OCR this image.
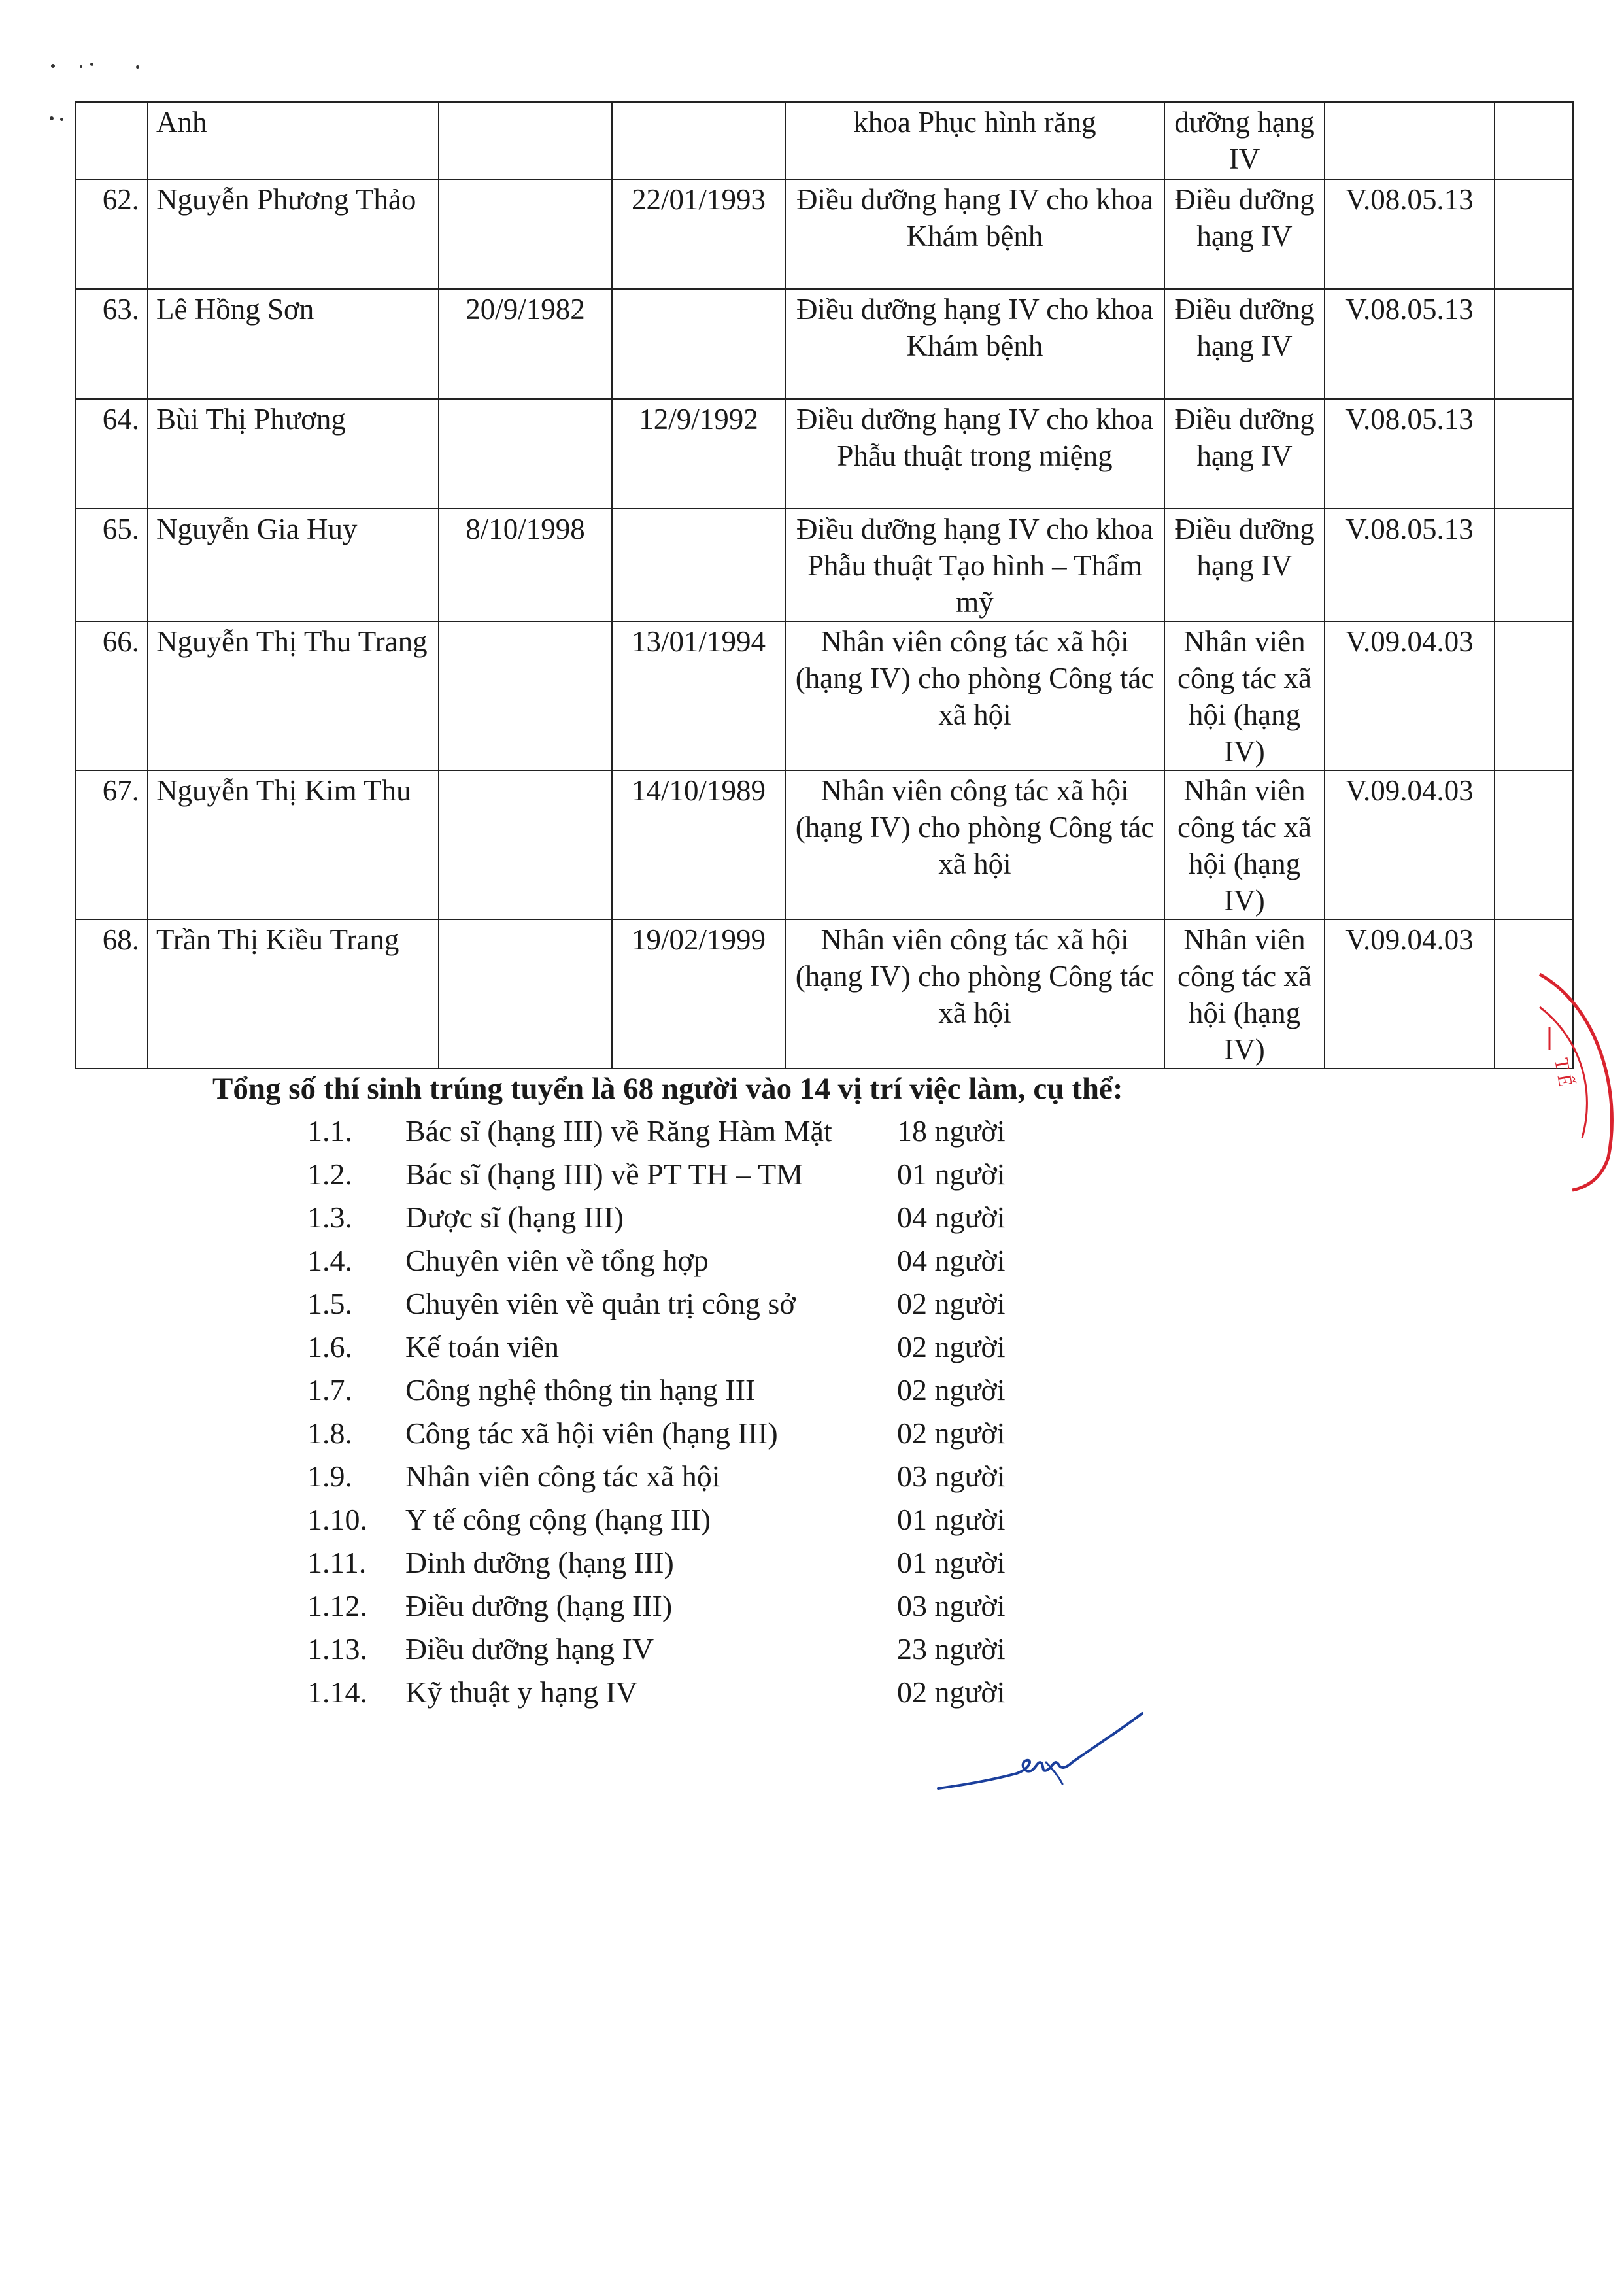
	Anh			khoa Phục hình răng	dưỡng hạng IV		
62.	Nguyễn Phương Thảo		22/01/1993	Điều dưỡng hạng IV cho khoa Khám bệnh	Điều dưỡng hạng IV	V.08.05.13	
63.	Lê Hồng Sơn	20/9/1982		Điều dưỡng hạng IV cho khoa Khám bệnh	Điều dưỡng hạng IV	V.08.05.13	
64.	Bùi Thị Phương		12/9/1992	Điều dưỡng hạng IV cho khoa Phẫu thuật trong miệng	Điều dưỡng hạng IV	V.08.05.13	
65.	Nguyễn Gia Huy	8/10/1998		Điều dưỡng hạng IV cho khoa Phẫu thuật Tạo hình – Thẩm mỹ	Điều dưỡng hạng IV	V.08.05.13	
66.	Nguyễn Thị Thu Trang		13/01/1994	Nhân viên công tác xã hội (hạng IV) cho phòng Công tác xã hội	Nhân viên công tác xã hội (hạng IV)	V.09.04.03	
67.	Nguyễn Thị Kim Thu		14/10/1989	Nhân viên công tác xã hội (hạng IV) cho phòng Công tác xã hội	Nhân viên công tác xã hội (hạng IV)	V.09.04.03	
68.	Trần Thị Kiều Trang		19/02/1999	Nhân viên công tác xã hội (hạng IV) cho phòng Công tác xã hội	Nhân viên công tác xã hội (hạng IV)	V.09.04.03	
Tổng số thí sinh trúng tuyển là 68 người vào 14 vị trí việc làm, cụ thể:
1.1. Bác sĩ (hạng III) về Răng Hàm Mặt 18 người
1.2. Bác sĩ (hạng III) về PT TH – TM	01 người
1.3. Dược sĩ (hạng III)	04 người
1.4. Chuyên viên về tổng hợp	04 người
1.5. Chuyên viên về quản trị công sở	02 người
1.6. Kế toán viên	02 người
1.7. Công nghệ thông tin hạng III	02 người
1.8. Công tác xã hội viên (hạng III)	02 người
1.9. Nhân viên công tác xã hội	03 người
1.10. Y tế công cộng (hạng III)	01 người
1.11. Dinh dưỡng (hạng III)	01 người
1.12. Điều dưỡng (hạng III)	03 người
1.13. Điều dưỡng hạng IV	23 người
1.14. Kỹ thuật y hạng IV	02 người
T Ế
